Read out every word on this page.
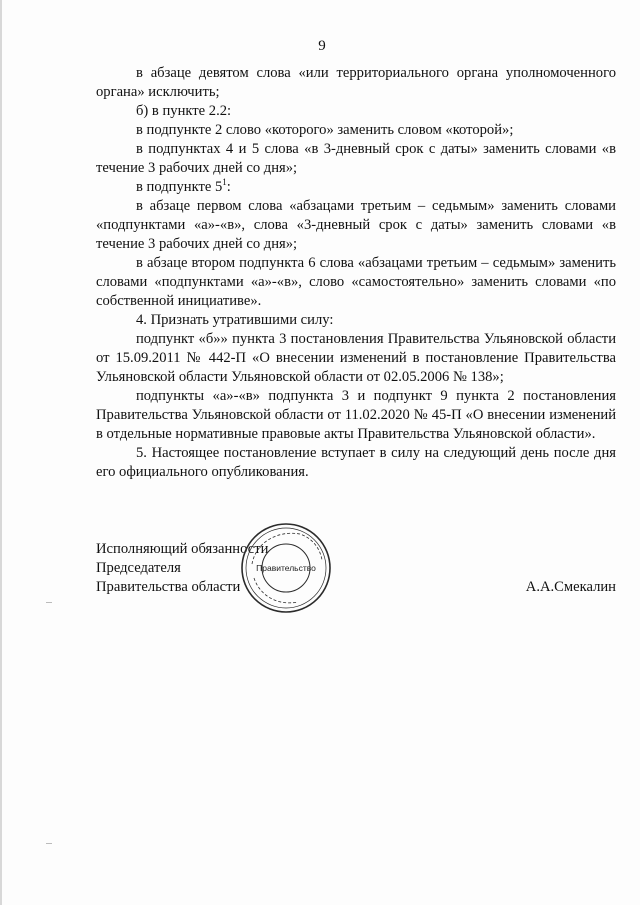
9

в абзаце девятом слова «или территориального органа уполномоченного органа» исключить;

б) в пункте 2.2:

в подпункте 2 слово «которого» заменить словом «которой»;

в подпунктах 4 и 5 слова «в 3-дневный срок с даты» заменить словами «в течение 3 рабочих дней со дня»;

в подпункте $5^1$:

в абзаце первом слова «абзацами третьим – седьмым» заменить словами «подпунктами «а»-«в», слова «3-дневный срок с даты» заменить словами «в течение 3 рабочих дней со дня»;

в абзаце втором подпункта 6 слова «абзацами третьим – седьмым» заменить словами «подпунктами «а»-«в», слово «самостоятельно» заменить словами «по собственной инициативе».

4. Признать утратившими силу:

подпункт «б»» пункта 3 постановления Правительства Ульяновской области от 15.09.2011 № 442-П «О внесении изменений в постановление Правительства Ульяновской области Ульяновской области от 02.05.2006 № 138»;

подпункты «а»-«в» подпункта 3 и подпункт 9 пункта 2 постановления Правительства Ульяновской области от 11.02.2020 № 45-П «О внесении изменений в отдельные нормативные правовые акты Правительства Ульяновской области».

5. Настоящее постановление вступает в силу на следующий день после дня его официального опубликования.

Исполняющий обязанности
Председателя
Правительства области	А.А.Смекалин
Правительство
